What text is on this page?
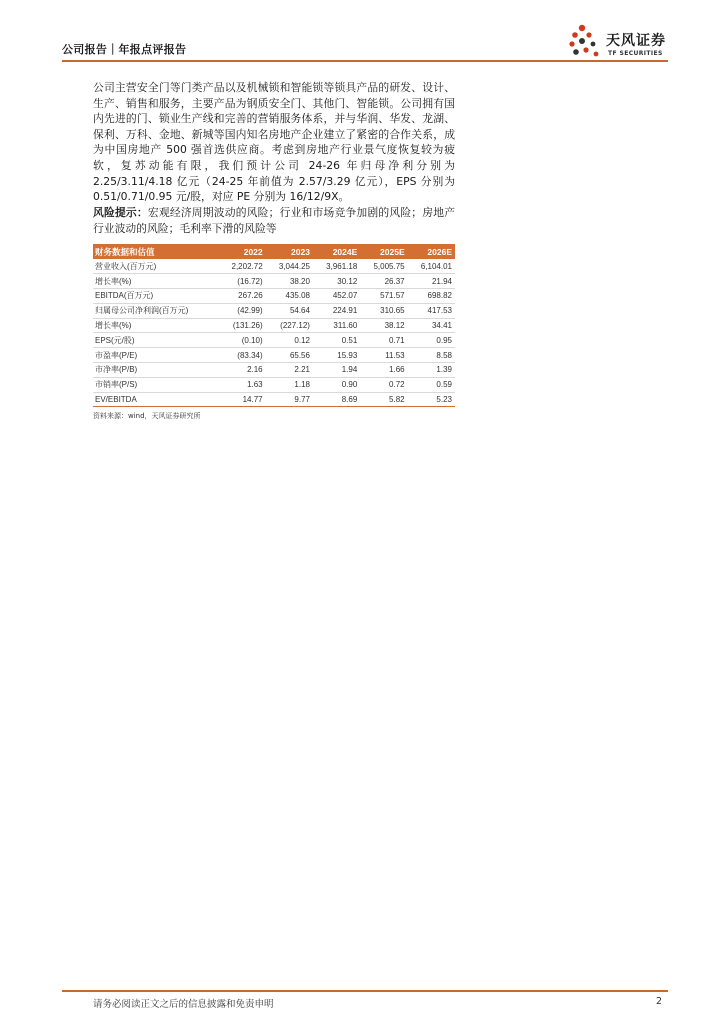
公司报告｜年报点评报告
天风证券
TF SECURITIES

公司主营安全门等门类产品以及机械锁和智能锁等锁具产品的研发、设计、生产、销售和服务，主要产品为钢质安全门、其他门、智能锁。公司拥有国内先进的门、锁业生产线和完善的营销服务体系，并与华润、华发、龙湖、保利、万科、金地、新城等国内知名房地产企业建立了紧密的合作关系，成为中国房地产 500 强首选供应商。考虑到房地产行业景气度恢复较为疲软，复苏动能有限，我们预计公司 24-26 年归母净利分别为 2.25/3.11/4.18 亿元（24-25 年前值为 2.57/3.29 亿元），EPS 分别为 0.51/0.71/0.95 元/股，对应 PE 分别为 16/12/9X。

风险提示：宏观经济周期波动的风险；行业和市场竞争加剧的风险；房地产行业波动的风险；毛利率下滑的风险等

财务数据和估值	2022	2023	2024E	2025E	2026E
营业收入(百万元)	2,202.72	3,044.25	3,961.18	5,005.75	6,104.01
增长率(%)	(16.72)	38.20	30.12	26.37	21.94
EBITDA(百万元)	267.26	435.08	452.07	571.57	698.82
归属母公司净利润(百万元)	(42.99)	54.64	224.91	310.65	417.53
增长率(%)	(131.26)	(227.12)	311.60	38.12	34.41
EPS(元/股)	(0.10)	0.12	0.51	0.71	0.95
市盈率(P/E)	(83.34)	65.56	15.93	11.53	8.58
市净率(P/B)	2.16	2.21	1.94	1.66	1.39
市销率(P/S)	1.63	1.18	0.90	0.72	0.59
EV/EBITDA	14.77	9.77	8.69	5.82	5.23
资料来源：wind，天风证券研究所
请务必阅读正文之后的信息披露和免责申明	2
